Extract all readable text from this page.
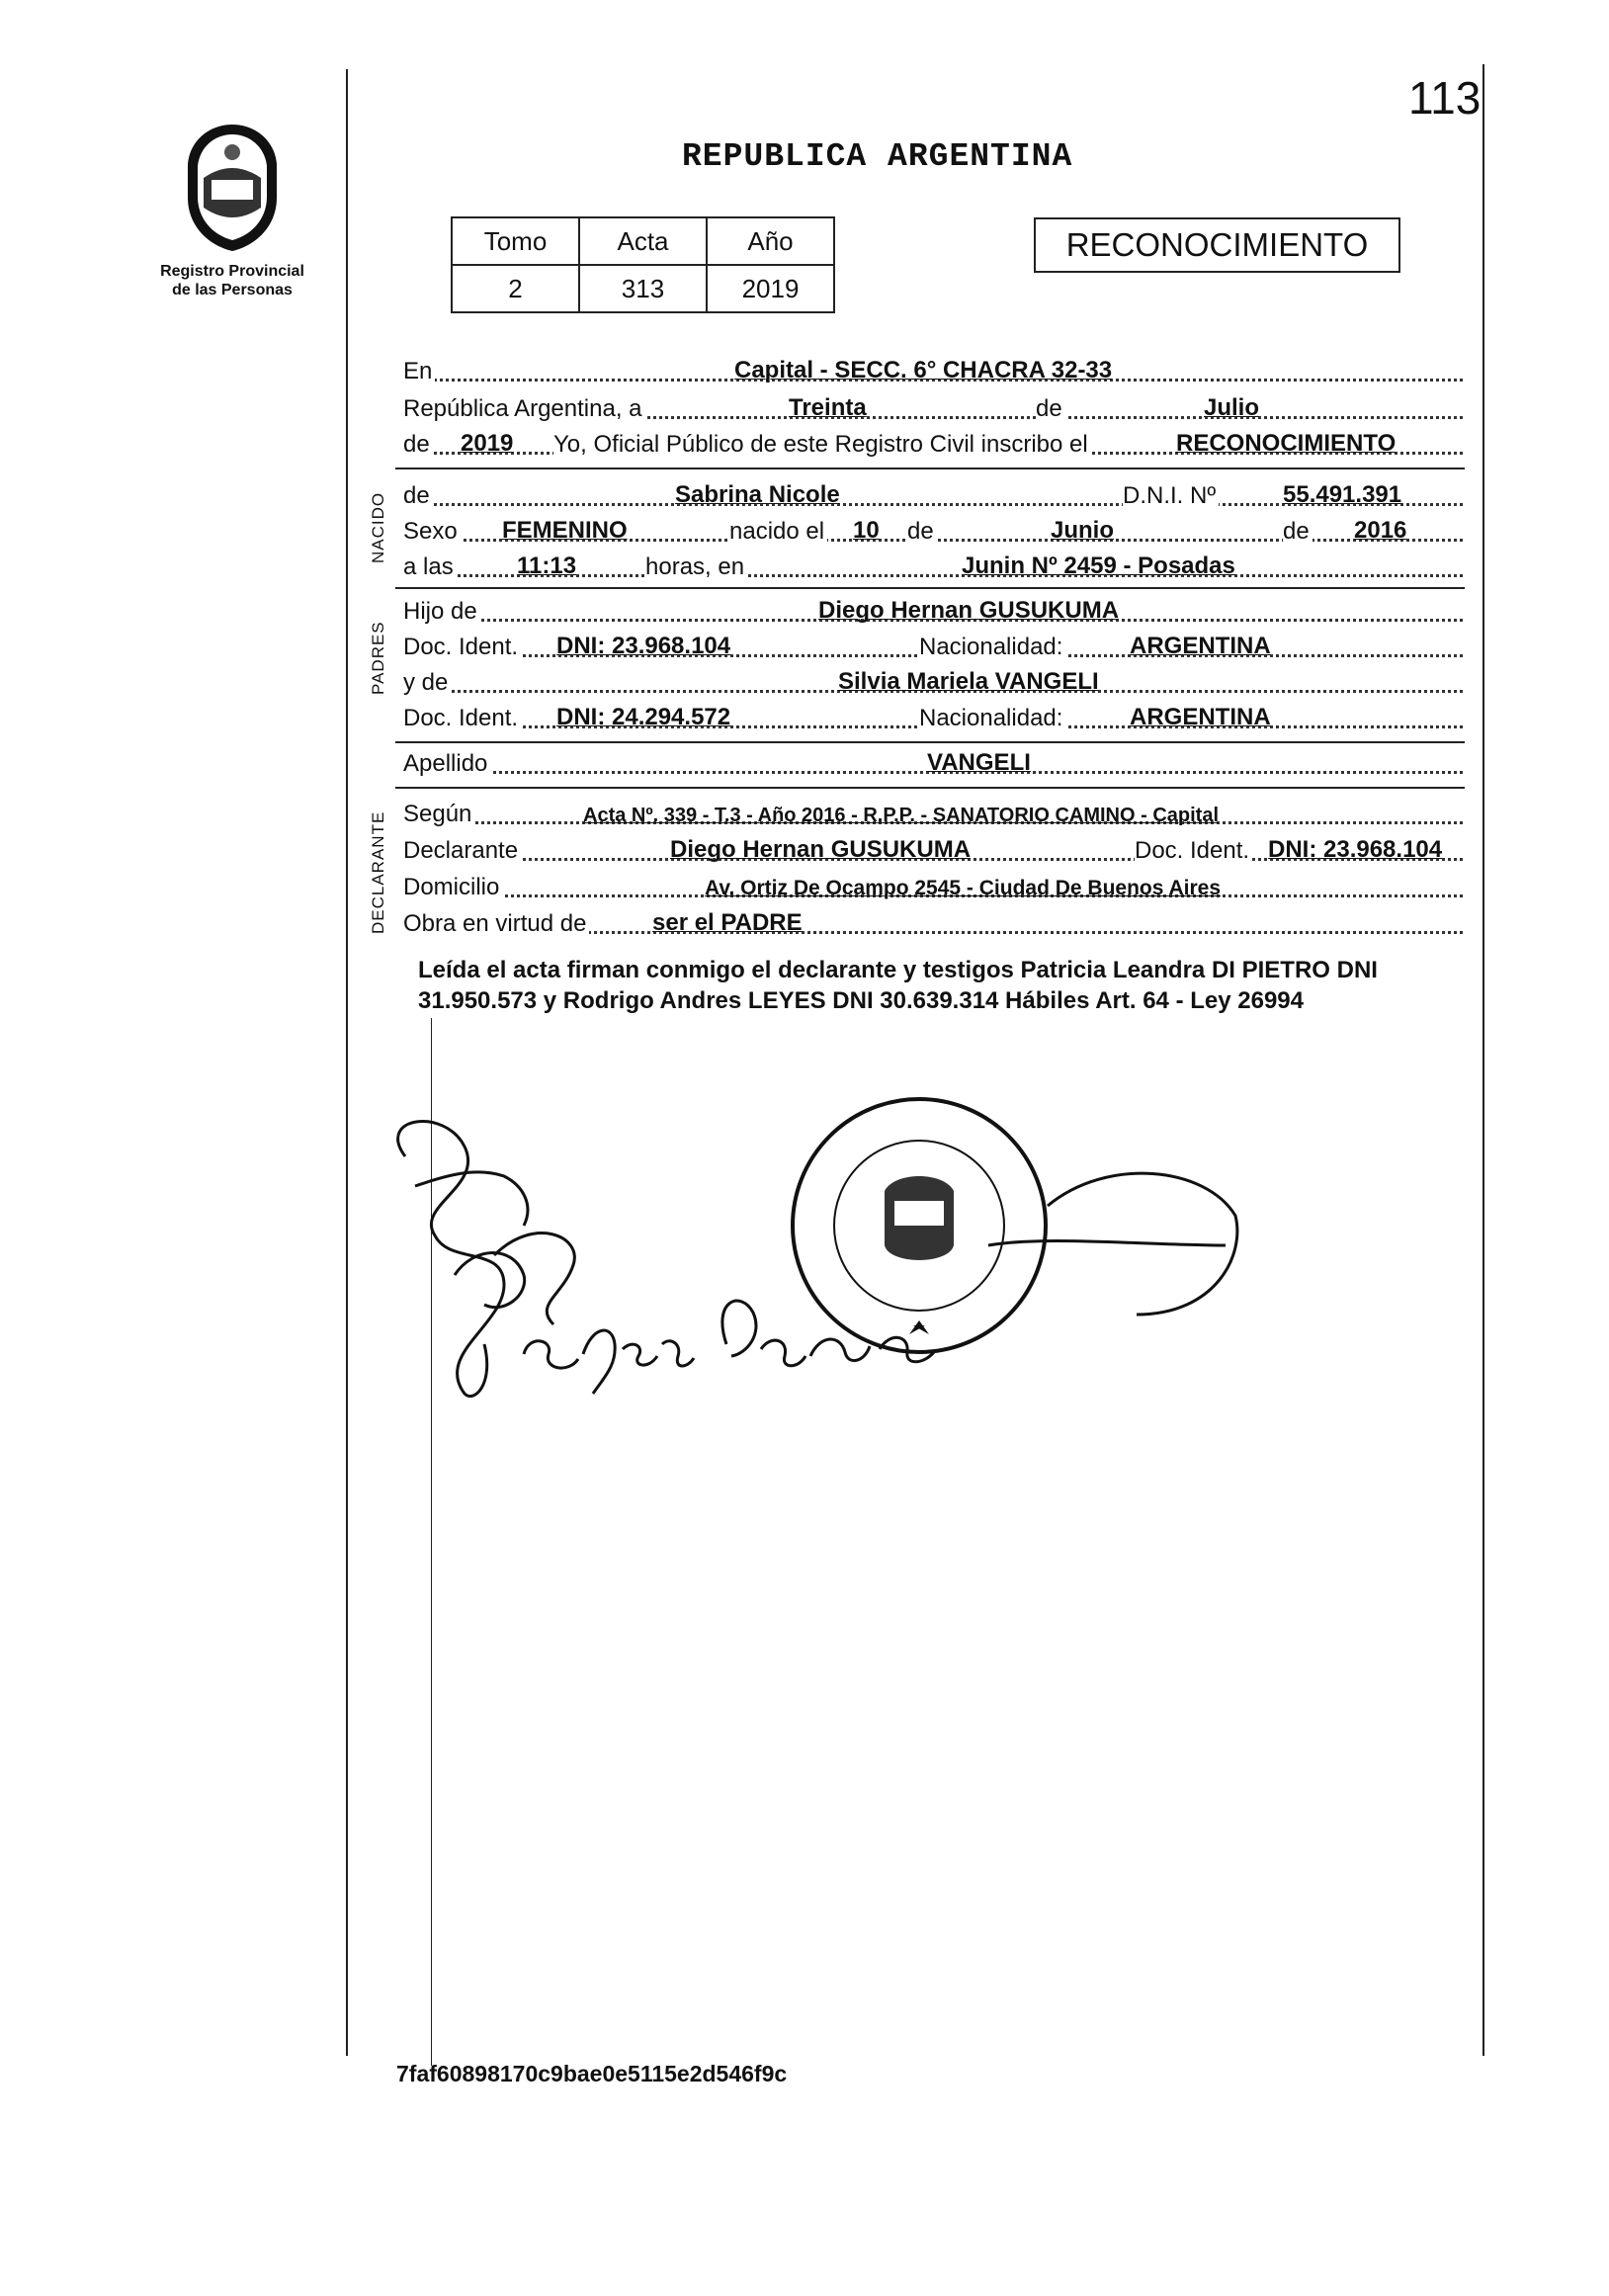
113
Registro Provincial
de las Personas
REPUBLICA ARGENTINA
Tomo	Acta	Año
2	313	2019
RECONOCIMIENTO
En	Capital - SECC. 6° CHACRA 32-33
República Argentina, a	Treinta	de	Julio
de 2019 Yo, Oficial Público de este Registro Civil inscribo el	RECONOCIMIENTO
NACIDO de	Sabrina Nicole	D.N.I. Nº	55.491.391
Sexo FEMENINO	nacido el 10 de	Junio	de 2016
a las	11:13	horas, en	Junin Nº 2459 - Posadas
PADRES
Hijo de	Diego Hernan GUSUKUMA
Doc. Ident. DNI: 23.968.104	Nacionalidad:	ARGENTINA
y de	Silvia Mariela VANGELI
Doc. Ident. DNI: 24.294.572	Nacionalidad:	ARGENTINA
Apellido	VANGELI
DECLARANTE Según	Acta Nº. 339 - T.3 - Año 2016 - R.P.P. - SANATORIO CAMINO - Capital
Declarante	Diego Hernan GUSUKUMA	Doc. Ident. DNI: 23.968.104
Domicilio	Av. Ortiz De Ocampo 2545 - Ciudad De Buenos Aires
Obra en virtud de	ser el PADRE
Leída el acta firman conmigo el declarante y testigos Patricia Leandra DI PIETRO DNI 31.950.573 y Rodrigo Andres LEYES DNI 30.639.314 Hábiles Art. 64 - Ley 26994
7faf60898170c9bae0e5115e2d546f9c
